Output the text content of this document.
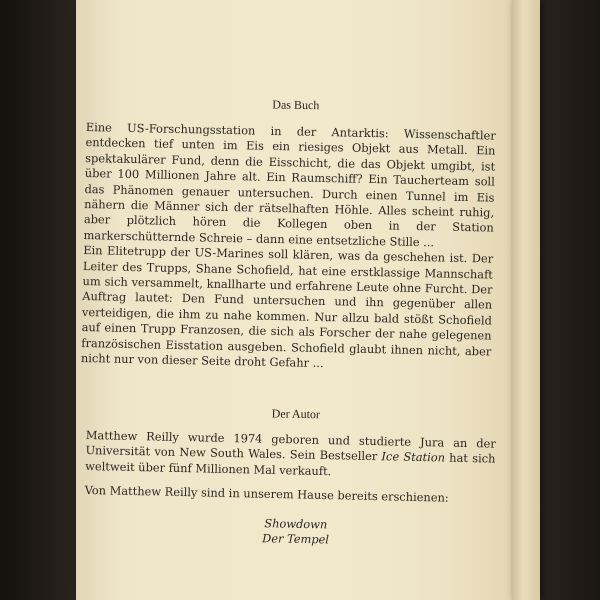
Das Buch

Eine US-Forschungsstation in der Antarktis: Wissenschaftler entdecken tief unten im Eis ein riesiges Objekt aus Metall. Ein spektakulärer Fund, denn die Eisschicht, die das Objekt umgibt, ist über 100 Millionen Jahre alt. Ein Raumschiff? Ein Taucherteam soll das Phänomen genauer untersuchen. Durch einen Tunnel im Eis nähern die Männer sich der rätselhaften Höhle. Alles scheint ruhig, aber plötzlich hören die Kollegen oben in der Station markerschütternde Schreie – dann eine entsetzliche Stille ...

Ein Elitetrupp der US-Marines soll klären, was da geschehen ist. Der Leiter des Trupps, Shane Schofield, hat eine erstklassige Mannschaft um sich versammelt, knallharte und erfahrene Leute ohne Furcht. Der Auftrag lautet: Den Fund untersuchen und ihn gegenüber allen verteidigen, die ihm zu nahe kommen. Nur allzu bald stößt Schofield auf einen Trupp Franzosen, die sich als Forscher der nahe gelegenen französischen Eisstation ausgeben. Schofield glaubt ihnen nicht, aber nicht nur von dieser Seite droht Gefahr ...

Der Autor

Matthew Reilly wurde 1974 geboren und studierte Jura an der Universität von New South Wales. Sein Bestseller Ice Station hat sich weltweit über fünf Millionen Mal verkauft.

Von Matthew Reilly sind in unserem Hause bereits erschienen:

Showdown
Der Tempel
